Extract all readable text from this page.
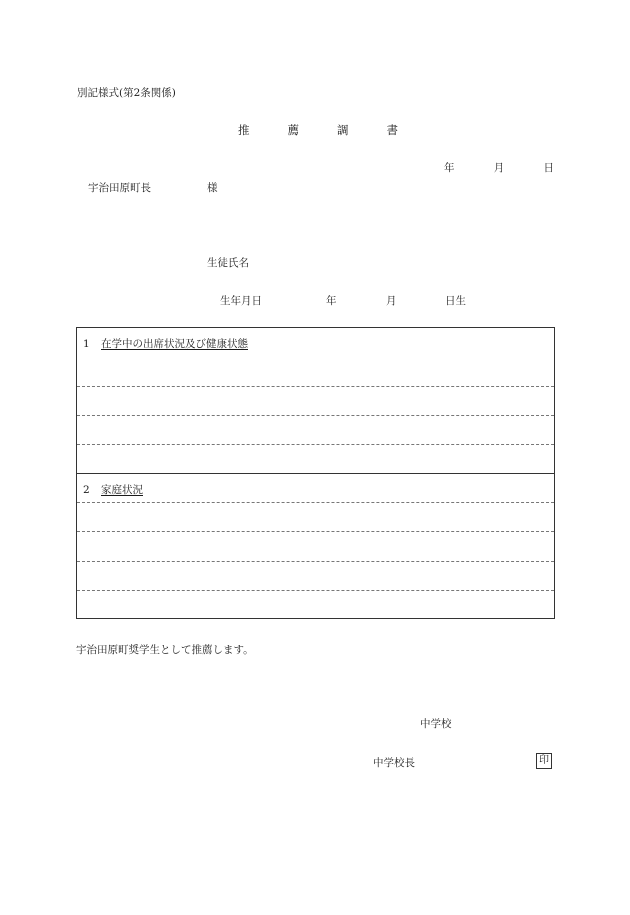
別記様式(第2条関係)
推	薦	調	書
年	月	日
宇治田原町長	様
生徒氏名
生年月日	年	月	日生
1 在学中の出席状況及び健康状態
2 家庭状況
宇治田原町奨学生として推薦します。
中学校
中学校長	印
